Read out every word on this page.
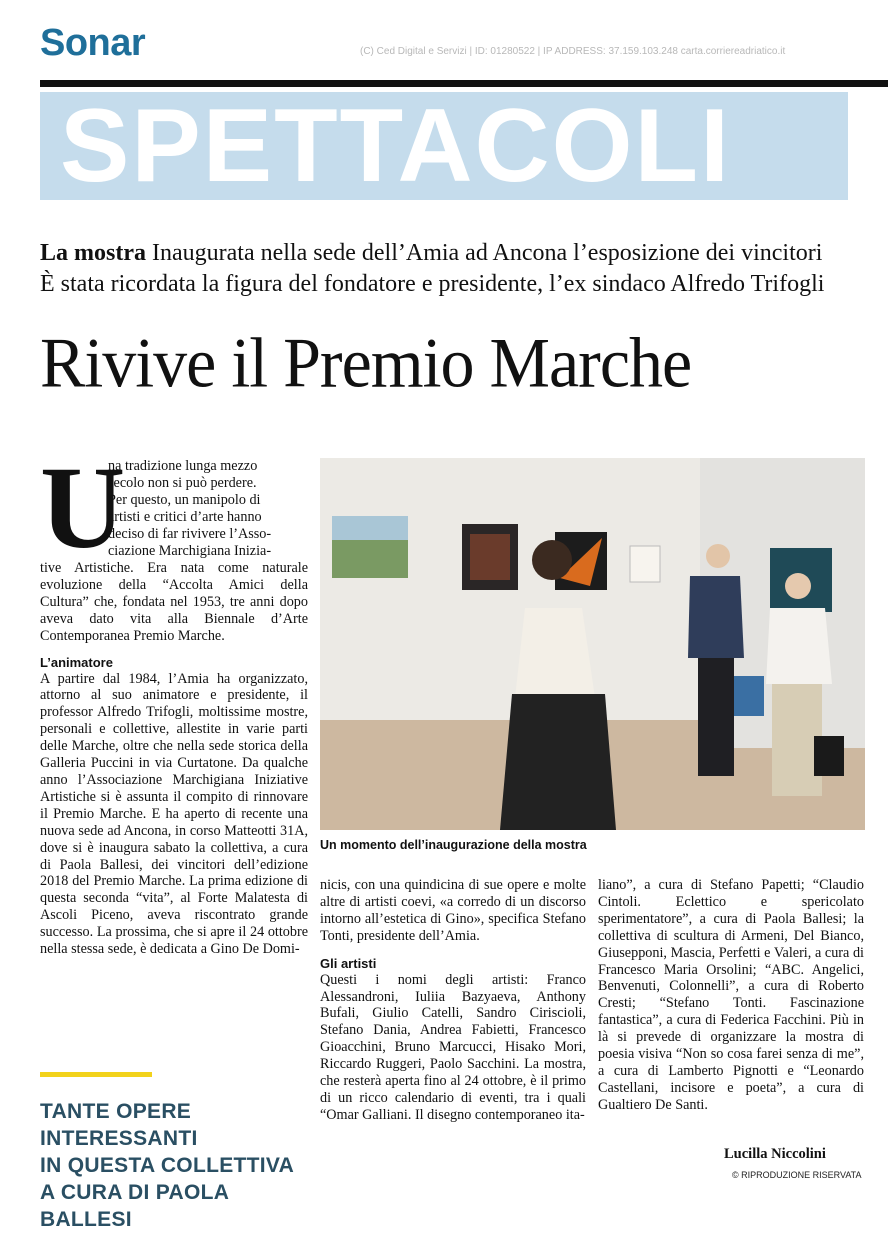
Sonar	(C) Ced Digital e Servizi | ID: 01280522 | IP ADDRESS: 37.159.103.248 carta.corriereadriatico.it
SPETTACOLI
La mostra Inaugurata nella sede dell’Amia ad Ancona l’esposizione dei vincitori
È stata ricordata la figura del fondatore e presidente, l’ex sindaco Alfredo Trifogli
Rivive il Premio Marche
U
na tradizione lunga mezzo
secolo non si può perdere.
Per questo, un manipolo di
artisti e critici d’arte hanno
deciso di far rivivere l’Asso-
ciazione Marchigiana Inizia-

tive Artistiche. Era nata come naturale evoluzione della “Accolta Amici della Cultura” che, fondata nel 1953, tre anni dopo aveva dato vita alla Biennale d’Arte Contemporanea Premio Marche.

L’animatore

A partire dal 1984, l’Amia ha organizzato, attorno al suo animatore e presidente, il professor Alfredo Trifogli, moltissime mostre, personali e collettive, allestite in varie parti delle Marche, oltre che nella sede storica della Galleria Puccini in via Curtatone. Da qualche anno l’Associazione Marchigiana Iniziative Artistiche si è assunta il compito di rinnovare il Premio Marche. E ha aperto di recente una nuova sede ad Ancona, in corso Matteotti 31A, dove si è inaugura sabato la collettiva, a cura di Paola Ballesi, dei vincitori dell’edizione 2018 del Premio Marche. La prima edizione di questa seconda “vita”, al Forte Malatesta di Ascoli Piceno, aveva riscontrato grande successo. La prossima, che si apre il 24 ottobre nella stessa sede, è dedicata a Gino De Domi-

TANTE OPERE INTERESSANTI
IN QUESTA COLLETTIVA
A CURA DI PAOLA BALLESI
Un momento dell’inaugurazione della mostra

nicis, con una quindicina di sue opere e molte altre di artisti coevi, «a corredo di un discorso intorno all’estetica di Gino», specifica Stefano Tonti, presidente dell’Amia.

Gli artisti

Questi i nomi degli artisti: Franco Alessandroni, Iuliia Bazyaeva, Anthony Bufali, Giulio Catelli, Sandro Ciriscioli, Stefano Dania, Andrea Fabietti, Francesco Gioacchini, Bruno Marcucci, Hisako Mori, Riccardo Ruggeri, Paolo Sacchini. La mostra, che resterà aperta fino al 24 ottobre, è il primo di un ricco calendario di eventi, tra i quali “Omar Galliani. Il disegno contemporaneo ita-

liano”, a cura di Stefano Papetti; “Claudio Cintoli. Eclettico e spericolato sperimentatore”, a cura di Paola Ballesi; la collettiva di scultura di Armeni, Del Bianco, Giusepponi, Mascia, Perfetti e Valeri, a cura di Francesco Maria Orsolini; “ABC. Angelici, Benvenuti, Colonnelli”, a cura di Roberto Cresti; “Stefano Tonti. Fascinazione fantastica”, a cura di Federica Facchini. Più in là si prevede di organizzare la mostra di poesia visiva “Non so cosa farei senza di me”, a cura di Lamberto Pignotti e “Leonardo Castellani, incisore e poeta”, a cura di Gualtiero De Santi.

Lucilla Niccolini
© RIPRODUZIONE RISERVATA
